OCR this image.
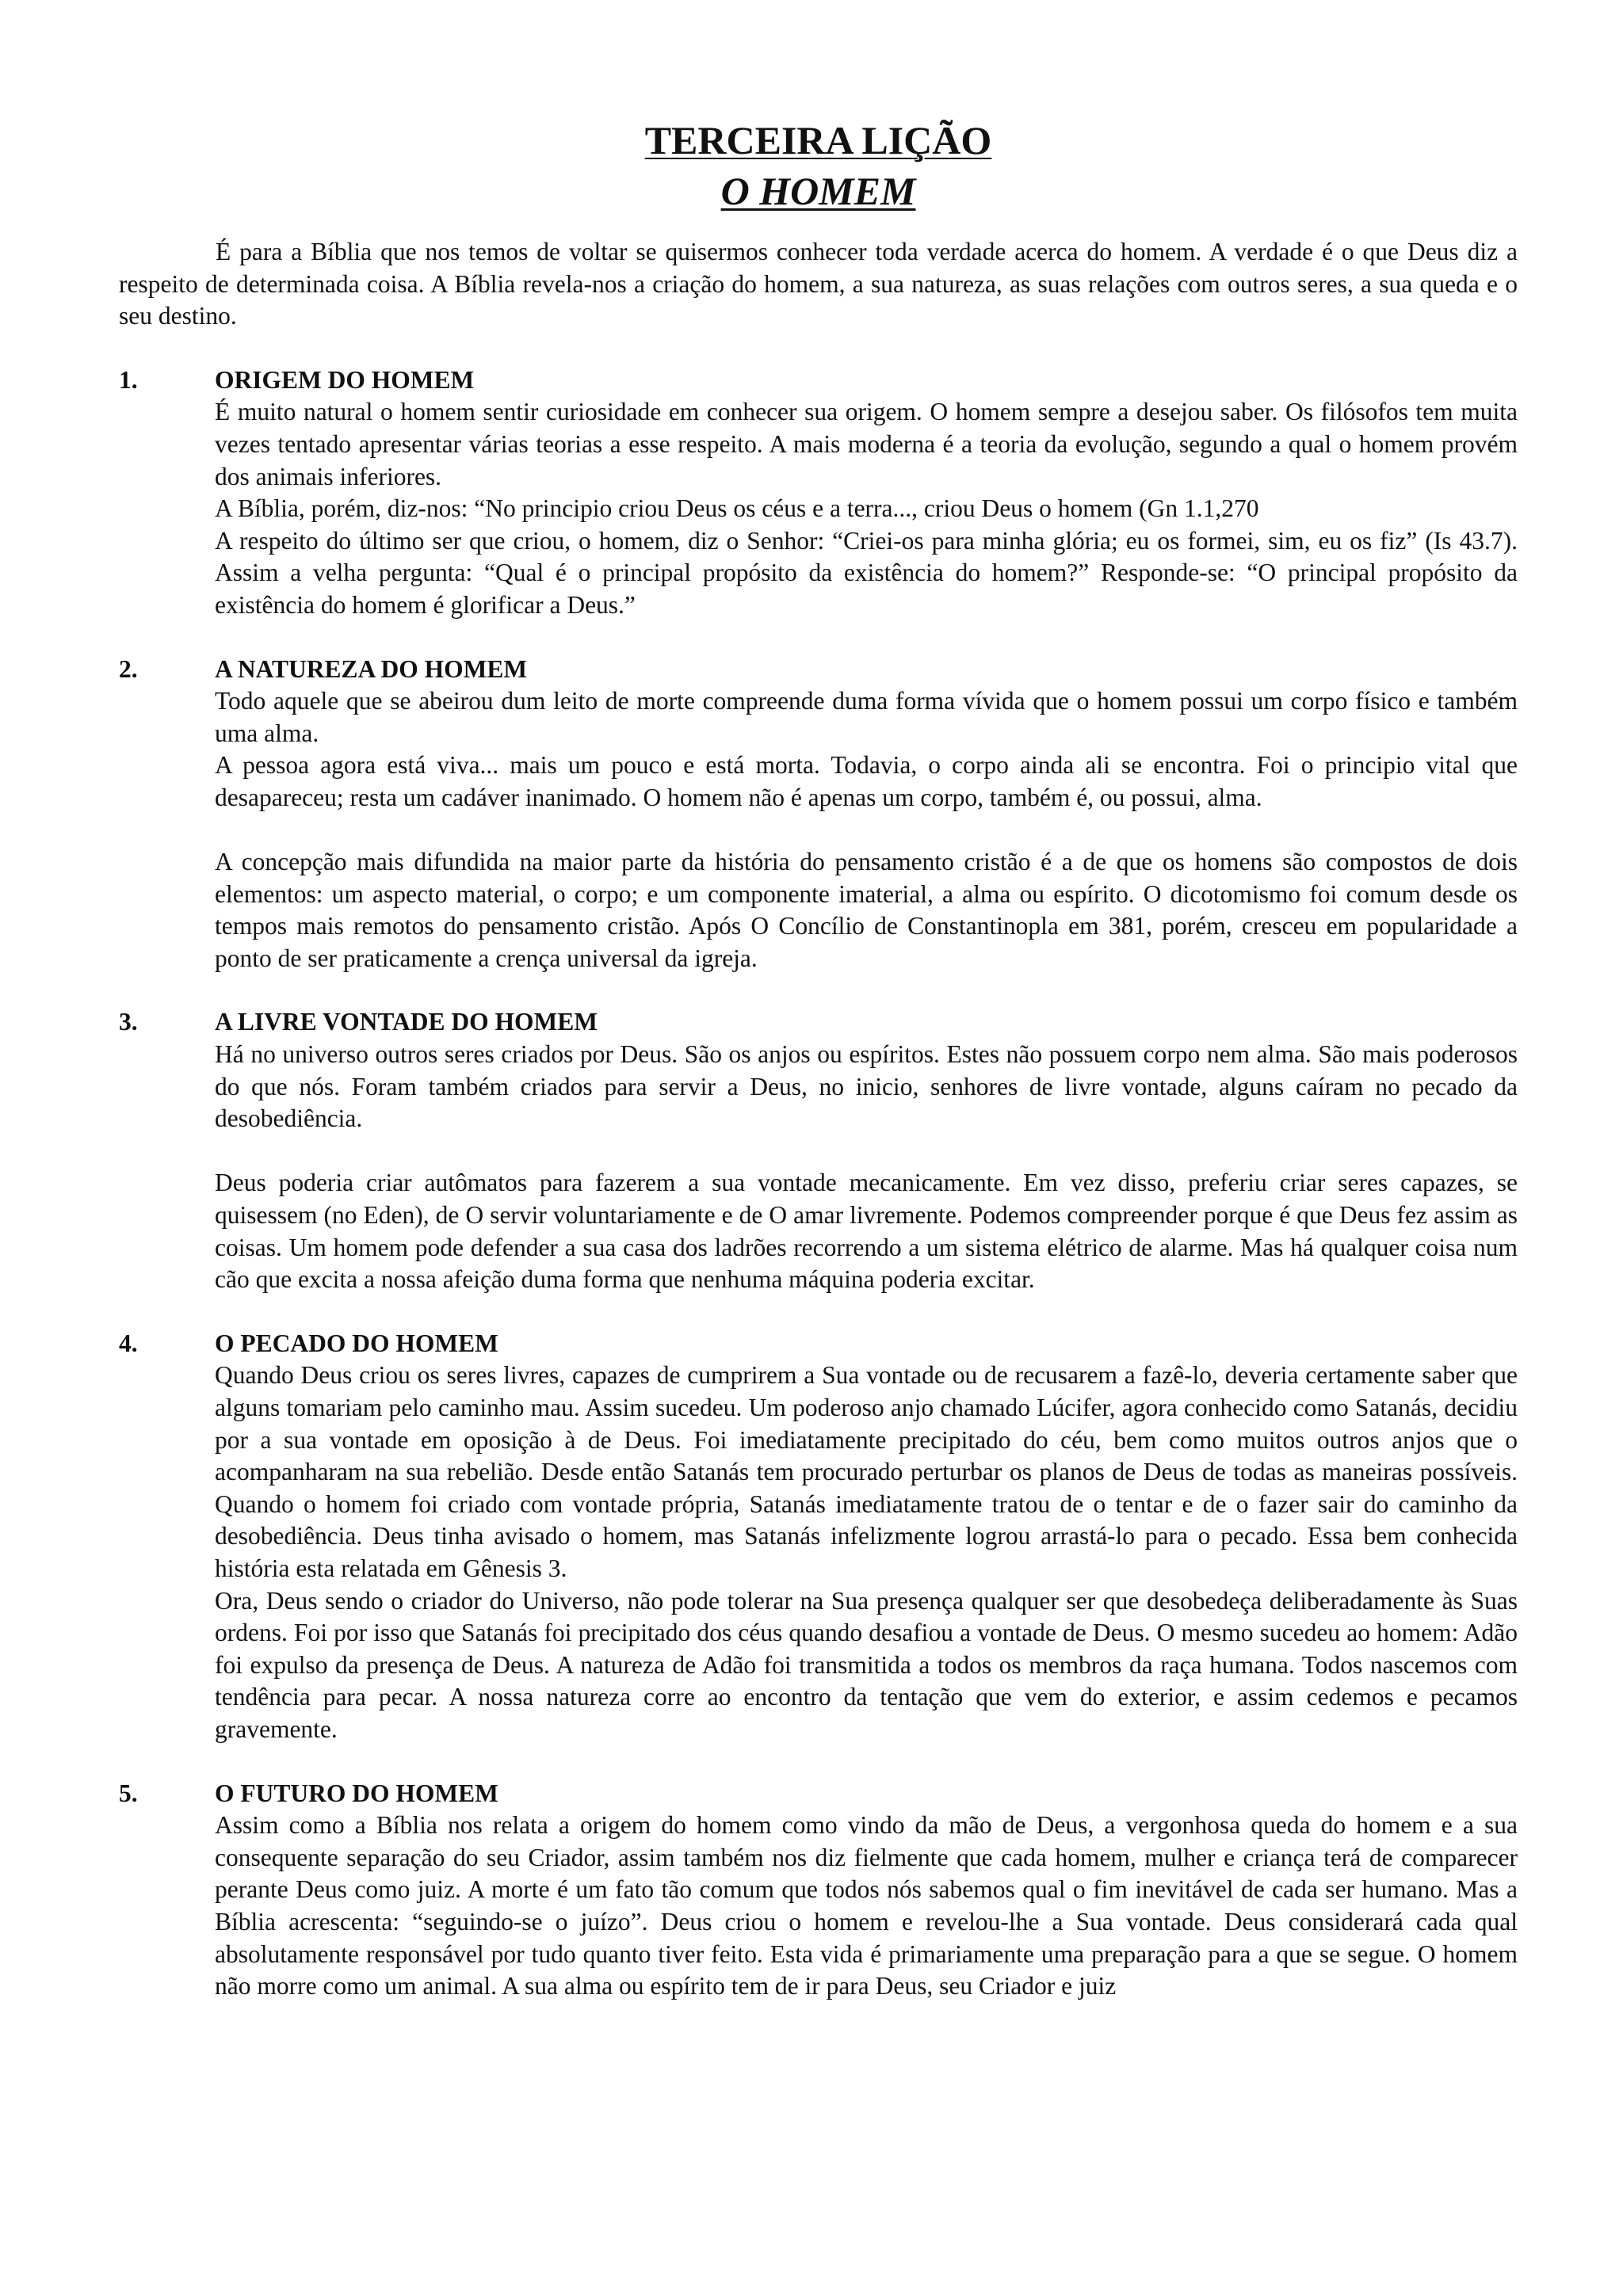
TERCEIRA LIÇÃO
O HOMEM

É para a Bíblia que nos temos de voltar se quisermos conhecer toda verdade acerca do homem. A verdade é o que Deus diz a respeito de determinada coisa. A Bíblia revela-nos a criação do homem, a sua natureza, as suas relações com outros seres, a sua queda e o seu destino.

1.	ORIGEM DO HOMEM

É muito natural o homem sentir curiosidade em conhecer sua origem. O homem sempre a desejou saber. Os filósofos tem muita vezes tentado apresentar várias teorias a esse respeito. A mais moderna é a teoria da evolução, segundo a qual o homem provém dos animais inferiores.

A Bíblia, porém, diz-nos: “No principio criou Deus os céus e a terra..., criou Deus o homem (Gn 1.1,270

A respeito do último ser que criou, o homem, diz o Senhor: “Criei-os para minha glória; eu os formei, sim, eu os fiz” (Is 43.7). Assim a velha pergunta: “Qual é o principal propósito da existência do homem?” Responde-se: “O principal propósito da existência do homem é glorificar a Deus.”

2.	A NATUREZA DO HOMEM

Todo aquele que se abeirou dum leito de morte compreende duma forma vívida que o homem possui um corpo físico e também uma alma.

A pessoa agora está viva... mais um pouco e está morta. Todavia, o corpo ainda ali se encontra. Foi o principio vital que desapareceu; resta um cadáver inanimado. O homem não é apenas um corpo, também é, ou possui, alma.

A concepção mais difundida na maior parte da história do pensamento cristão é a de que os homens são compostos de dois elementos: um aspecto material, o corpo; e um componente imaterial, a alma ou espírito. O dicotomismo foi comum desde os tempos mais remotos do pensamento cristão. Após O Concílio de Constantinopla em 381, porém, cresceu em popularidade a ponto de ser praticamente a crença universal da igreja.

3.	A LIVRE VONTADE DO HOMEM

Há no universo outros seres criados por Deus. São os anjos ou espíritos. Estes não possuem corpo nem alma. São mais poderosos do que nós. Foram também criados para servir a Deus, no inicio, senhores de livre vontade, alguns caíram no pecado da desobediência.

Deus poderia criar autômatos para fazerem a sua vontade mecanicamente. Em vez disso, preferiu criar seres capazes, se quisessem (no Eden), de O servir voluntariamente e de O amar livremente. Podemos compreender porque é que Deus fez assim as coisas. Um homem pode defender a sua casa dos ladrões recorrendo a um sistema elétrico de alarme. Mas há qualquer coisa num cão que excita a nossa afeição duma forma que nenhuma máquina poderia excitar.

4.	O PECADO DO HOMEM

Quando Deus criou os seres livres, capazes de cumprirem a Sua vontade ou de recusarem a fazê-lo, deveria certamente saber que alguns tomariam pelo caminho mau. Assim sucedeu. Um poderoso anjo chamado Lúcifer, agora conhecido como Satanás, decidiu por a sua vontade em oposição à de Deus. Foi imediatamente precipitado do céu, bem como muitos outros anjos que o acompanharam na sua rebelião. Desde então Satanás tem procurado perturbar os planos de Deus de todas as maneiras possíveis. Quando o homem foi criado com vontade própria, Satanás imediatamente tratou de o tentar e de o fazer sair do caminho da desobediência. Deus tinha avisado o homem, mas Satanás infelizmente logrou arrastá-lo para o pecado. Essa bem conhecida história esta relatada em Gênesis 3.

Ora, Deus sendo o criador do Universo, não pode tolerar na Sua presença qualquer ser que desobedeça deliberadamente às Suas ordens. Foi por isso que Satanás foi precipitado dos céus quando desafiou a vontade de Deus. O mesmo sucedeu ao homem: Adão foi expulso da presença de Deus. A natureza de Adão foi transmitida a todos os membros da raça humana. Todos nascemos com tendência para pecar. A nossa natureza corre ao encontro da tentação que vem do exterior, e assim cedemos e pecamos gravemente.

5.	O FUTURO DO HOMEM

Assim como a Bíblia nos relata a origem do homem como vindo da mão de Deus, a vergonhosa queda do homem e a sua consequente separação do seu Criador, assim também nos diz fielmente que cada homem, mulher e criança terá de comparecer perante Deus como juiz. A morte é um fato tão comum que todos nós sabemos qual o fim inevitável de cada ser humano. Mas a Bíblia acrescenta: “seguindo-se o juízo”. Deus criou o homem e revelou-lhe a Sua vontade. Deus considerará cada qual absolutamente responsável por tudo quanto tiver feito. Esta vida é primariamente uma preparação para a que se segue. O homem não morre como um animal. A sua alma ou espírito tem de ir para Deus, seu Criador e juiz
